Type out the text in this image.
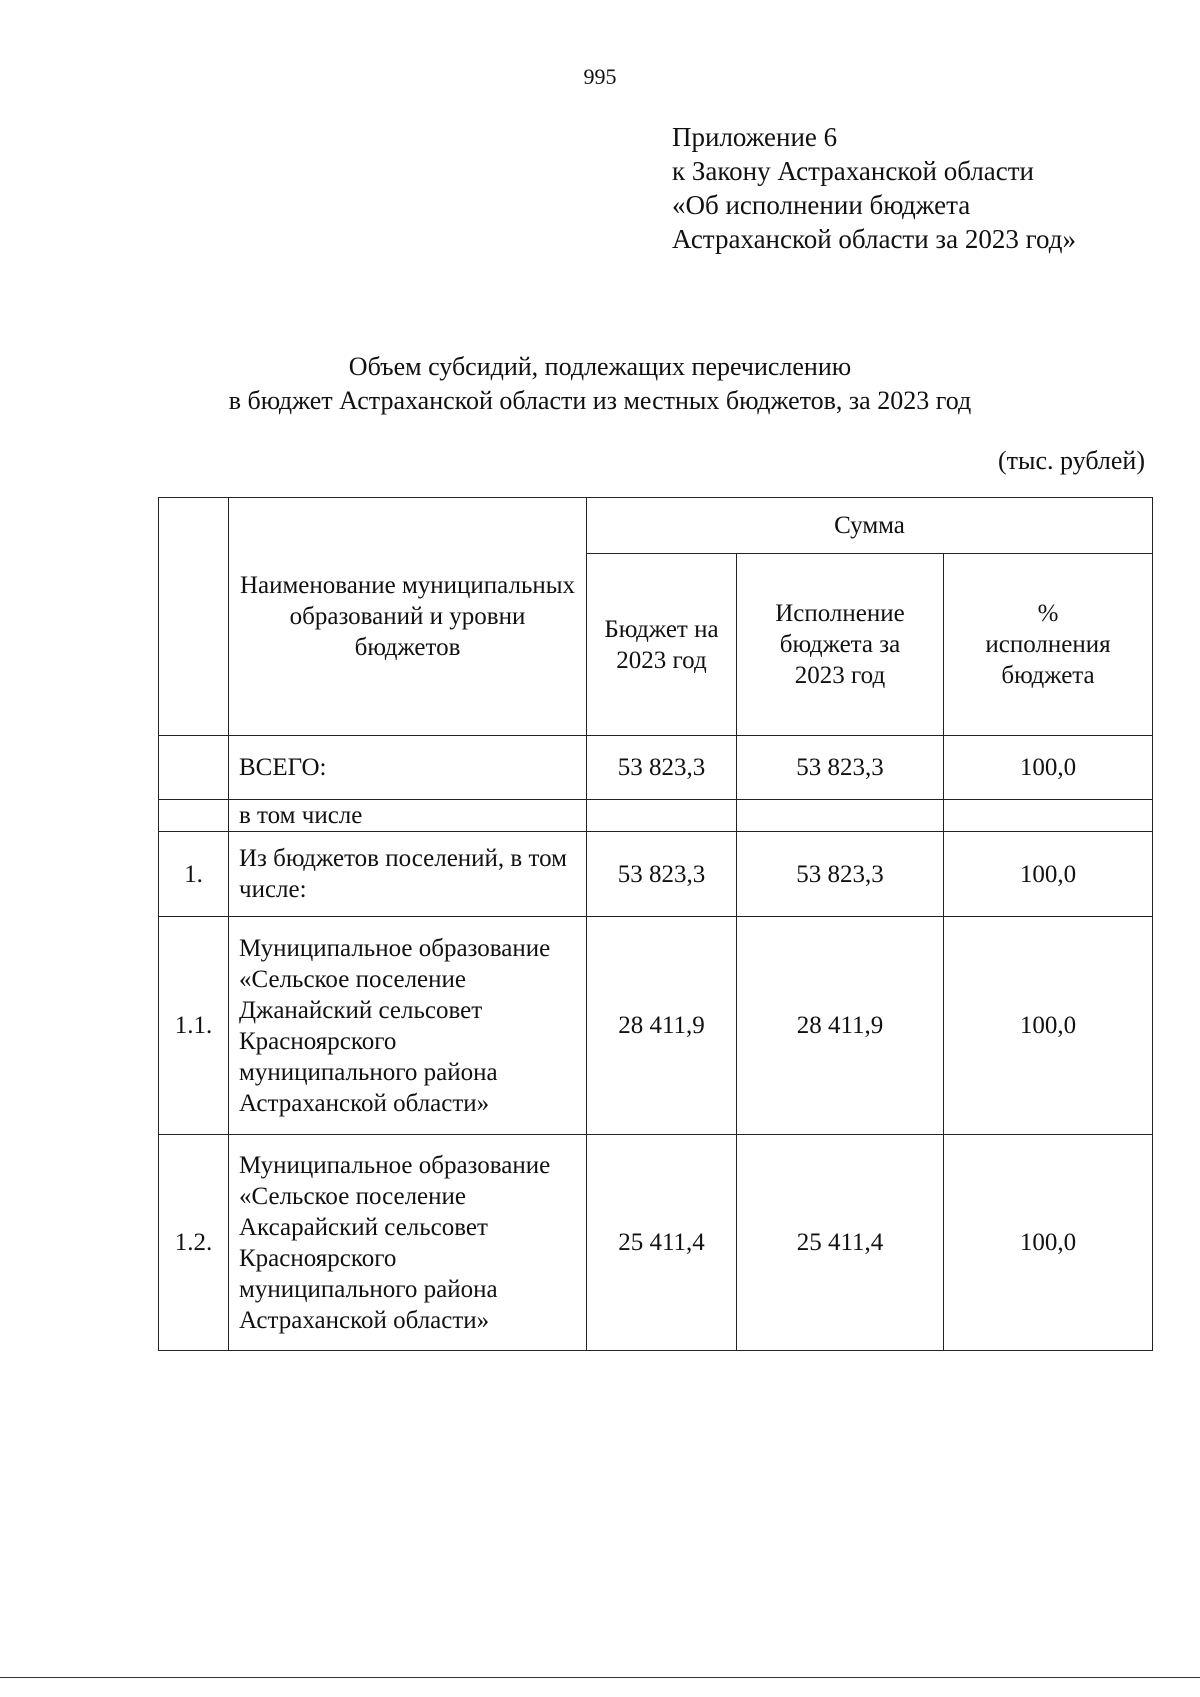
995
Приложение 6
к Закону Астраханской области
«Об исполнении бюджета
Астраханской области за 2023 год»
Объем субсидий, подлежащих перечислению
в бюджет Астраханской области из местных бюджетов, за 2023 год
(тыс. рублей)
	Наименование муниципальных образований и уровни бюджетов	Сумма		
		Бюджет на 2023 год	Исполнение бюджета за 2023 год	% исполнения бюджета
	ВСЕГО:	53 823,3	53 823,3	100,0
	в том числе			
1.	Из бюджетов поселений, в том числе:	53 823,3	53 823,3	100,0
1.1.	Муниципальное образование «Сельское поселение Джанайский сельсовет Красноярского муниципального района Астраханской области»	28 411,9	28 411,9	100,0
1.2.	Муниципальное образование «Сельское поселение Аксарайский сельсовет Красноярского муниципального района Астраханской области»	25 411,4	25 411,4	100,0
